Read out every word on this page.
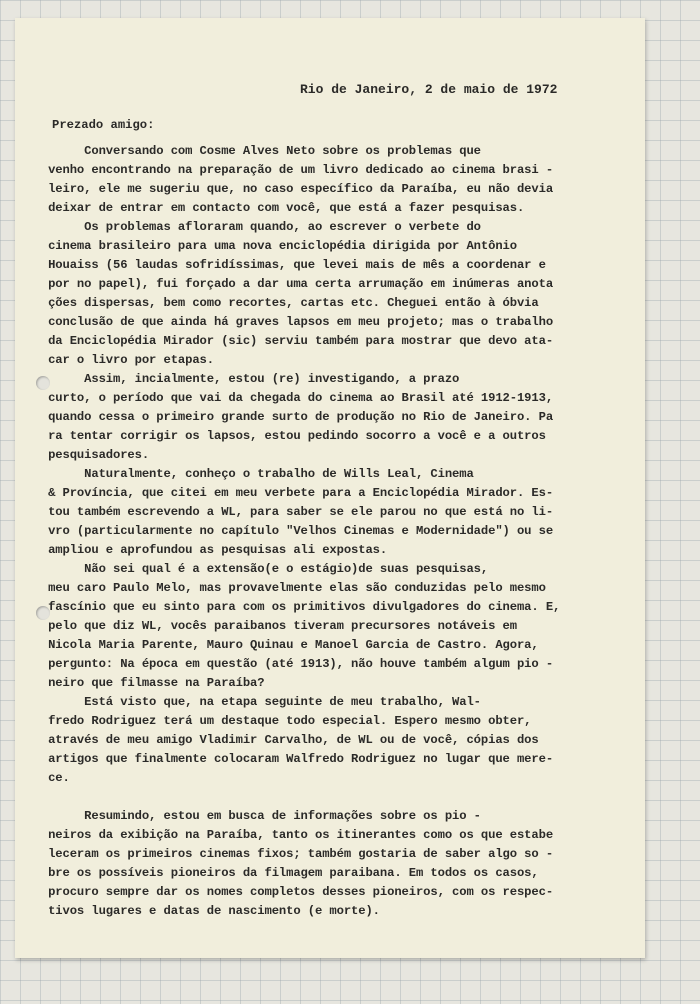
Rio de Janeiro, 2 de maio de 1972
Prezado amigo:
Conversando com Cosme Alves Neto sobre os problemas que
venho encontrando na preparação de um livro dedicado ao cinema brasi -
leiro, ele me sugeriu que, no caso específico da Paraíba, eu não devia
deixar de entrar em contacto com você, que está a fazer pesquisas.
Os problemas afloraram quando, ao escrever o verbete do
cinema brasileiro para uma nova enciclopédia dirigida por Antônio
Houaiss (56 laudas sofridíssimas, que levei mais de mês a coordenar e
por no papel), fui forçado a dar uma certa arrumação em inúmeras anota
ções dispersas, bem como recortes, cartas etc. Cheguei então à óbvia
conclusão de que ainda há graves lapsos em meu projeto; mas o trabalho
da Enciclopédia Mirador (sic) serviu também para mostrar que devo ata-
car o livro por etapas.
Assim, incialmente, estou (re) investigando, a prazo
curto, o período que vai da chegada do cinema ao Brasil até 1912-1913,
quando cessa o primeiro grande surto de produção no Rio de Janeiro. Pa
ra tentar corrigir os lapsos, estou pedindo socorro a você e a outros
pesquisadores.
Naturalmente, conheço o trabalho de Wills Leal, Cinema
& Província, que citei em meu verbete para a Enciclopédia Mirador. Es-
tou também escrevendo a WL, para saber se ele parou no que está no li-
vro (particularmente no capítulo "Velhos Cinemas e Modernidade") ou se
ampliou e aprofundou as pesquisas ali expostas.
Não sei qual é a extensão(e o estágio)de suas pesquisas,
meu caro Paulo Melo, mas provavelmente elas são conduzidas pelo mesmo
fascínio que eu sinto para com os primitivos divulgadores do cinema. E,
pelo que diz WL, vocês paraibanos tiveram precursores notáveis em
Nicola Maria Parente, Mauro Quinau e Manoel Garcia de Castro. Agora,
pergunto: Na época em questão (até 1913), não houve também algum pio -
neiro que filmasse na Paraíba?
Está visto que, na etapa seguinte de meu trabalho, Wal-
fredo Rodriguez terá um destaque todo especial. Espero mesmo obter,
através de meu amigo Vladimir Carvalho, de WL ou de você, cópias dos
artigos que finalmente colocaram Walfredo Rodriguez no lugar que mere-
ce.
Resumindo, estou em busca de informações sobre os pio -
neiros da exibição na Paraíba, tanto os itinerantes como os que estabe
leceram os primeiros cinemas fixos; também gostaria de saber algo so -
bre os possíveis pioneiros da filmagem paraibana. Em todos os casos,
procuro sempre dar os nomes completos desses pioneiros, com os respec-
tivos lugares e datas de nascimento (e morte).
